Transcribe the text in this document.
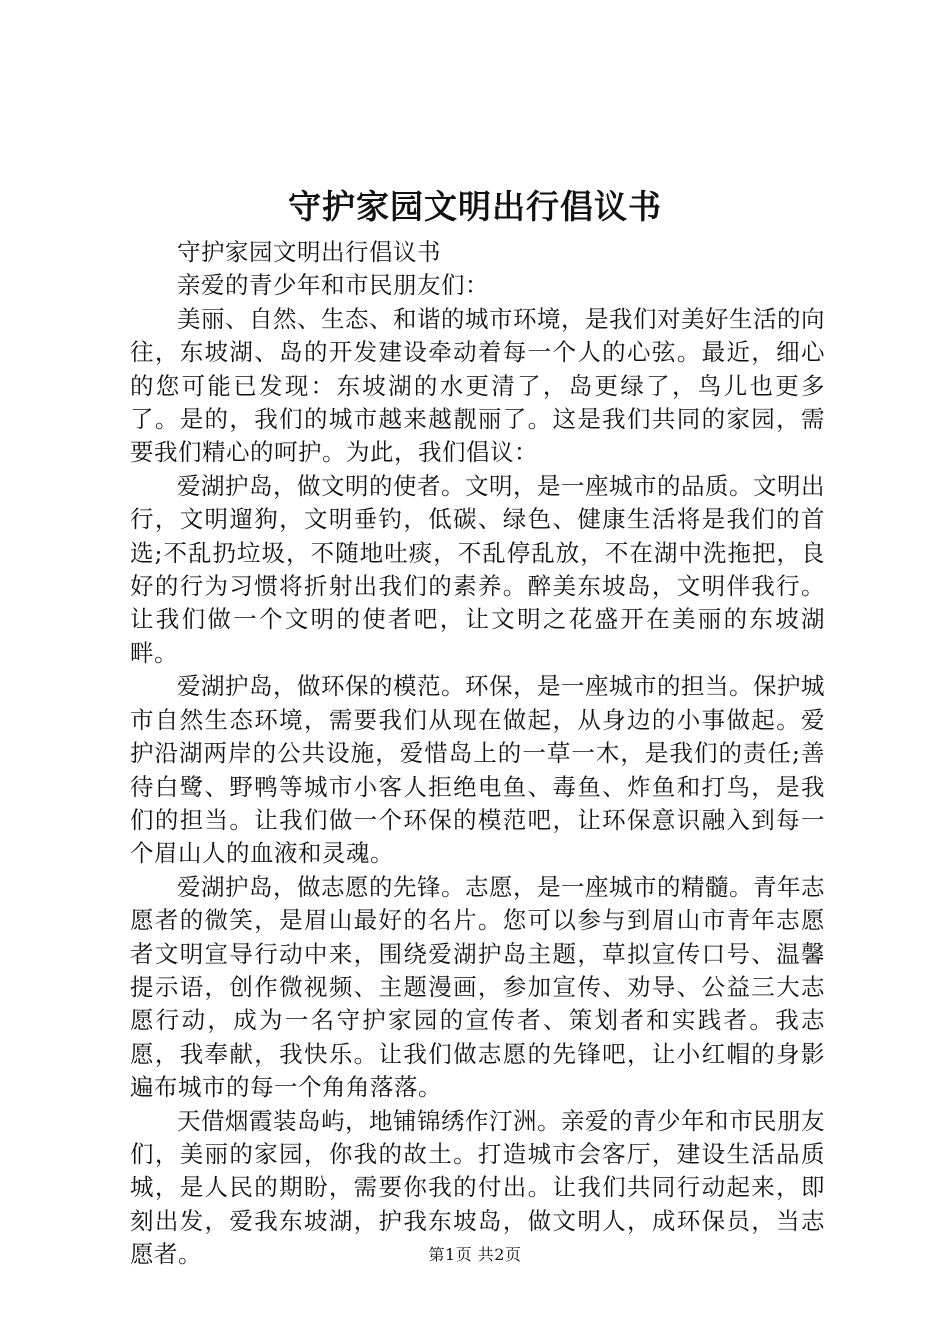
守护家园文明出行倡议书

守护家园文明出行倡议书

亲爱的青少年和市民朋友们：

美丽、自然、生态、和谐的城市环境，是我们对美好生活的向往，东坡湖、岛的开发建设牵动着每一个人的心弦。最近，细心的您可能已发现：东坡湖的水更清了，岛更绿了，鸟儿也更多了。是的，我们的城市越来越靓丽了。这是我们共同的家园，需要我们精心的呵护。为此，我们倡议：

爱湖护岛，做文明的使者。文明，是一座城市的品质。文明出行，文明遛狗，文明垂钓，低碳、绿色、健康生活将是我们的首选;不乱扔垃圾，不随地吐痰，不乱停乱放，不在湖中洗拖把，良好的行为习惯将折射出我们的素养。醉美东坡岛，文明伴我行。让我们做一个文明的使者吧，让文明之花盛开在美丽的东坡湖畔。

爱湖护岛，做环保的模范。环保，是一座城市的担当。保护城市自然生态环境，需要我们从现在做起，从身边的小事做起。爱护沿湖两岸的公共设施，爱惜岛上的一草一木，是我们的责任;善待白鹭、野鸭等城市小客人拒绝电鱼、毒鱼、炸鱼和打鸟，是我们的担当。让我们做一个环保的模范吧，让环保意识融入到每一个眉山人的血液和灵魂。

爱湖护岛，做志愿的先锋。志愿，是一座城市的精髓。青年志愿者的微笑，是眉山最好的名片。您可以参与到眉山市青年志愿者文明宣导行动中来，围绕爱湖护岛主题，草拟宣传口号、温馨提示语，创作微视频、主题漫画，参加宣传、劝导、公益三大志愿行动，成为一名守护家园的宣传者、策划者和实践者。我志愿，我奉献，我快乐。让我们做志愿的先锋吧，让小红帽的身影遍布城市的每一个角角落落。

天借烟霞装岛屿，地铺锦绣作汀洲。亲爱的青少年和市民朋友们，美丽的家园，你我的故土。打造城市会客厅，建设生活品质城，是人民的期盼，需要你我的付出。让我们共同行动起来，即刻出发，爱我东坡湖，护我东坡岛，做文明人，成环保员，当志愿者。	第1页 共2页
